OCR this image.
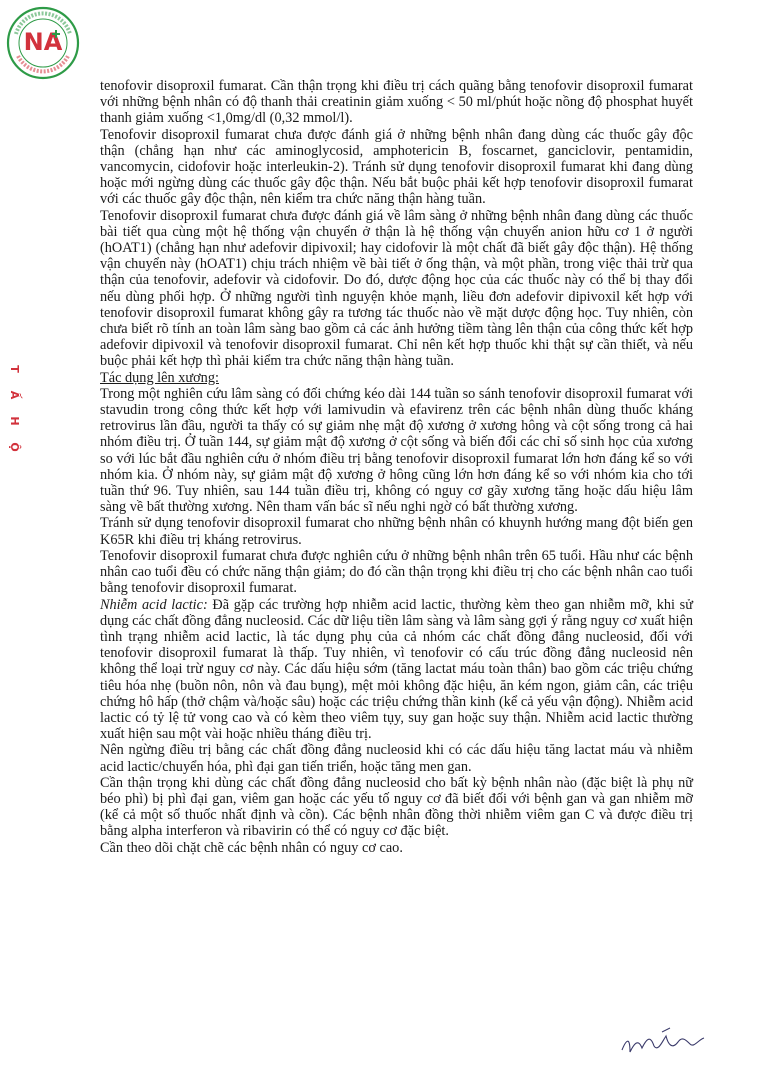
NA
T
Ấ
H
Ộ

tenofovir disoproxil fumarat. Cần thận trọng khi điều trị cách quãng bằng tenofovir disoproxil fumarat với những bệnh nhân có độ thanh thải creatinin giảm xuống < 50 ml/phút hoặc nồng độ phosphat huyết thanh giảm xuống <1,0mg/dl (0,32 mmol/l).

Tenofovir disoproxil fumarat chưa được đánh giá ở những bệnh nhân đang dùng các thuốc gây độc thận (chẳng hạn như các aminoglycosid, amphotericin B, foscarnet, ganciclovir, pentamidin, vancomycin, cidofovir hoặc interleukin-2). Tránh sử dụng tenofovir disoproxil fumarat khi đang dùng hoặc mới ngừng dùng các thuốc gây độc thận. Nếu bắt buộc phải kết hợp tenofovir disoproxil fumarat với các thuốc gây độc thận, nên kiểm tra chức năng thận hàng tuần.

Tenofovir disoproxil fumarat chưa được đánh giá về lâm sàng ở những bệnh nhân đang dùng các thuốc bài tiết qua cùng một hệ thống vận chuyển ở thận là hệ thống vận chuyển anion hữu cơ 1 ở người (hOAT1) (chẳng hạn như adefovir dipivoxil; hay cidofovir là một chất đã biết gây độc thận). Hệ thống vận chuyển này (hOAT1) chịu trách nhiệm về bài tiết ở ống thận, và một phần, trong việc thải trừ qua thận của tenofovir, adefovir và cidofovir. Do đó, dược động học của các thuốc này có thể bị thay đổi nếu dùng phối hợp. Ở những người tình nguyện khỏe mạnh, liều đơn adefovir dipivoxil kết hợp với tenofovir disoproxil fumarat không gây ra tương tác thuốc nào về mặt dược động học. Tuy nhiên, còn chưa biết rõ tính an toàn lâm sàng bao gồm cả các ảnh hưởng tiềm tàng lên thận của công thức kết hợp adefovir dipivoxil và tenofovir disoproxil fumarat. Chỉ nên kết hợp thuốc khi thật sự cần thiết, và nếu buộc phải kết hợp thì phải kiểm tra chức năng thận hàng tuần.

Tác dụng lên xương:

Trong một nghiên cứu lâm sàng có đối chứng kéo dài 144 tuần so sánh tenofovir disoproxil fumarat với stavudin trong công thức kết hợp với lamivudin và efavirenz trên các bệnh nhân dùng thuốc kháng retrovirus lần đầu, người ta thấy có sự giảm nhẹ mật độ xương ở xương hông và cột sống trong cả hai nhóm điều trị. Ở tuần 144, sự giảm mật độ xương ở cột sống và biến đổi các chỉ số sinh học của xương so với lúc bắt đầu nghiên cứu ở nhóm điều trị bằng tenofovir disoproxil fumarat lớn hơn đáng kể so với nhóm kia. Ở nhóm này, sự giảm mật độ xương ở hông cũng lớn hơn đáng kể so với nhóm kia cho tới tuần thứ 96. Tuy nhiên, sau 144 tuần điều trị, không có nguy cơ gãy xương tăng hoặc dấu hiệu lâm sàng về bất thường xương. Nên tham vấn bác sĩ nếu nghi ngờ có bất thường xương.

Tránh sử dụng tenofovir disoproxil fumarat cho những bệnh nhân có khuynh hướng mang đột biến gen K65R khi điều trị kháng retrovirus.

Tenofovir disoproxil fumarat chưa được nghiên cứu ở những bệnh nhân trên 65 tuổi. Hầu như các bệnh nhân cao tuổi đều có chức năng thận giảm; do đó cần thận trọng khi điều trị cho các bệnh nhân cao tuổi bằng tenofovir disoproxil fumarat.

Nhiễm acid lactic: Đã gặp các trường hợp nhiễm acid lactic, thường kèm theo gan nhiễm mỡ, khi sử dụng các chất đồng đẳng nucleosid. Các dữ liệu tiền lâm sàng và lâm sàng gợi ý rằng nguy cơ xuất hiện tình trạng nhiễm acid lactic, là tác dụng phụ của cả nhóm các chất đồng đẳng nucleosid, đối với tenofovir disoproxil fumarat là thấp. Tuy nhiên, vì tenofovir có cấu trúc đồng đẳng nucleosid nên không thể loại trừ nguy cơ này. Các dấu hiệu sớm (tăng lactat máu toàn thân) bao gồm các triệu chứng tiêu hóa nhẹ (buồn nôn, nôn và đau bụng), mệt mỏi không đặc hiệu, ăn kém ngon, giảm cân, các triệu chứng hô hấp (thở chậm và/hoặc sâu) hoặc các triệu chứng thần kinh (kể cả yếu vận động). Nhiễm acid lactic có tỷ lệ tử vong cao và có kèm theo viêm tụy, suy gan hoặc suy thận. Nhiễm acid lactic thường xuất hiện sau một vài hoặc nhiều tháng điều trị.

Nên ngừng điều trị bằng các chất đồng đẳng nucleosid khi có các dấu hiệu tăng lactat máu và nhiễm acid lactic/chuyển hóa, phì đại gan tiến triển, hoặc tăng men gan.

Cần thận trọng khi dùng các chất đồng đẳng nucleosid cho bất kỳ bệnh nhân nào (đặc biệt là phụ nữ béo phì) bị phì đại gan, viêm gan hoặc các yếu tố nguy cơ đã biết đối với bệnh gan và gan nhiễm mỡ (kể cả một số thuốc nhất định và cồn). Các bệnh nhân đồng thời nhiễm viêm gan C và được điều trị bằng alpha interferon và ribavirin có thể có nguy cơ đặc biệt.

Cần theo dõi chặt chẽ các bệnh nhân có nguy cơ cao.
